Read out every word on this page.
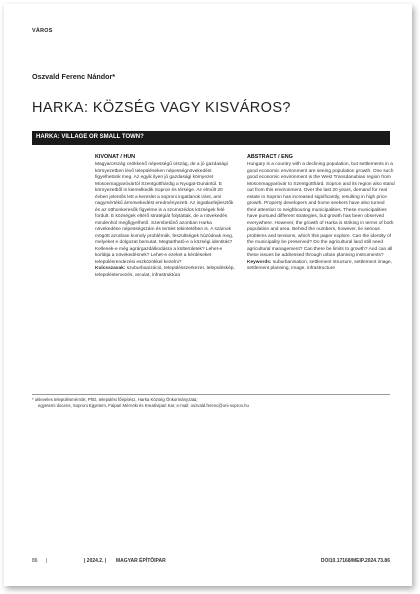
VÁROS
Oszvald Ferenc Nándor*
HARKA: KÖZSÉG VAGY KISVÁROS?
HARKA: VILLAGE OR SMALL TOWN?
KIVONAT / HUN
Magyarország csökkenő népességű ország, de a jó gazdasági környezetben lévő településeken népességnövekedést figyelhetünk meg. Az egyik ilyen jó gazdasági környezet Mosonmagyaróvártól Szentgotthárdig a Nyugat-Dunántúl. E környezetből is kiemelkedik Sopron és térsége. Az elmúlt 20 évben jelentős lett a kereslet a soproni ingatlanok iránt, ami nagymértékű ármövekedést eredményezett. Az ingatlanfejlesztők és az otthonkeresők figyelme is a szomszédos községek felé fordult. E községek eltérő stratégiát folytattak, de a növekedés mindenhol megfigyelhető. Szembetűnő azonban Harka növekedése népességszám és terület tekintetében is. A számok mögött azonban komoly problémák, feszültségek húzódnak meg, melyeket e dolgozat bemutat. Megtartható-e a községi identitás? Kellenek-e még agrárgazdálkodásra a külterületek? Lehet-e korlátja a növekedésnek? Lehet-e ezeket a kérdéseket településrendezési eszközökkel kezelni?
Kulcsszavak: szuburbanizáció, településszerkezet, településkép, településtervezés, arculat, infrastruktúra
ABSTRACT / ENG
Hungary is a country with a declining population, but settlements in a good economic environment are seeing population growth. One such good economic environment is the West Transdanubian region from Mosonmagyaróvár to Szentgotthárd. Sopron and its region also stand out from this environment. Over the last 20 years, demand for real estate in Sopron has increased significantly, resulting in high price growth. Property developers and home seekers have also turned their attention to neighbouring municipalities. These municipalities have pursued different strategies, but growth has been observed everywhere. However, the growth of Harka is striking in terms of both population and area. Behind the numbers, however, lie serious problems and tensions, which this paper explore. Can the identity of the municipality be preserved? Do the agricultural land still need agricultural management? Can there be limits to growth? And can all these issues be addressed through urban planning instruments?
Keywords: suburbanisation, settlement structure, settlement image, settlement planning, image, infrastructure
* okleveles településmérnök, PhD, települési főépítész, Harka Község Önkormányzata;
egyetemi docens, Soproni Egyetem, Faipari Mérnöki és Kreatívipari Kar, e-mail: oszvald.ferenc@uni-sopron.hu
86 |	| 2024.2. | MAGYAR ÉPÍTŐIPAR	DOI10.17168/MEIP.2024.73.86
